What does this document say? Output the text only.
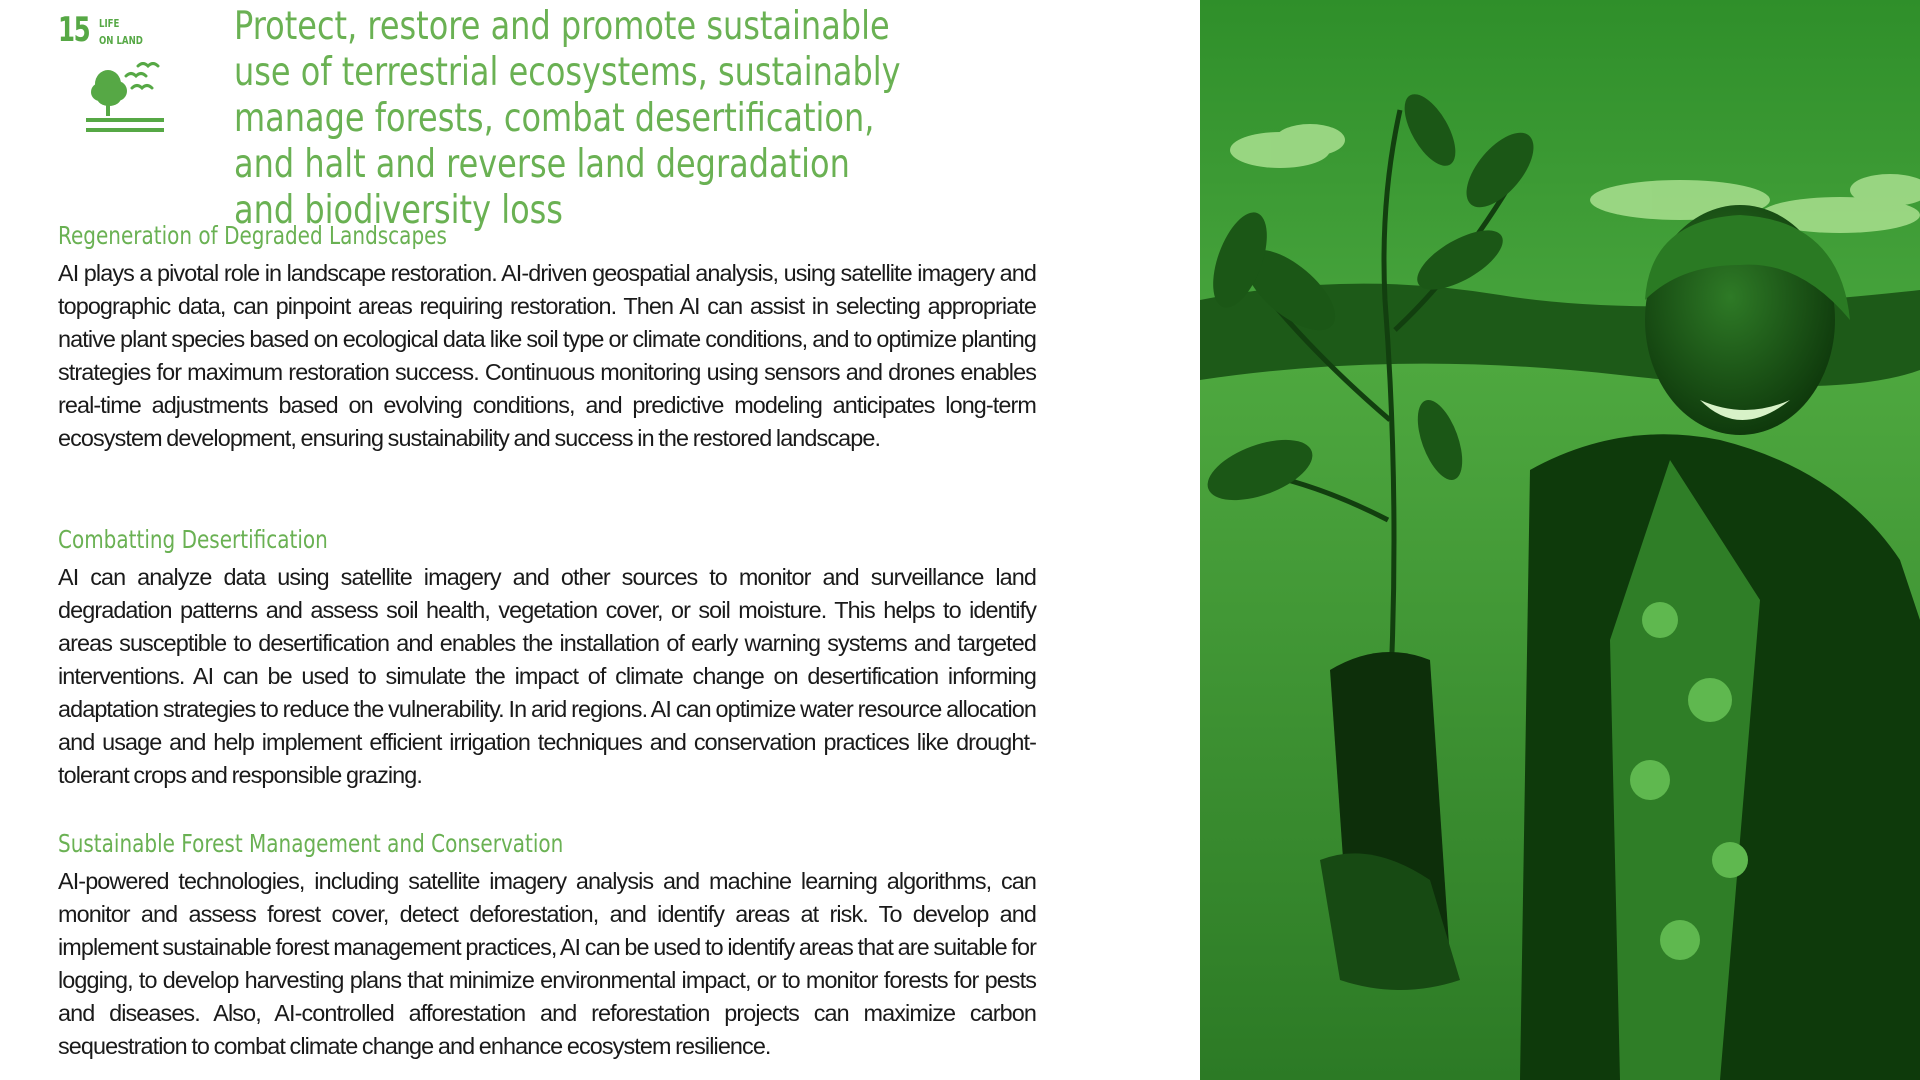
15 LIFE
ON LAND Protect, restore and promote sustainable use of terrestrial ecosystems, sustainably manage forests, combat desertification, and halt and reverse land degradation and biodiversity loss
Regeneration of Degraded Landscapes

AI plays a pivotal role in landscape restoration. AI-driven geospatial analysis, using satellite imagery and topographic data, can pinpoint areas requiring restoration. Then AI can assist in selecting appropriate native plant species based on ecological data like soil type or climate conditions, and to optimize planting strategies for maximum restoration success. Continuous monitoring using sensors and drones enables real-time adjustments based on evolving conditions, and predictive modeling anticipates long-term ecosystem development, ensuring sustainability and success in the restored landscape.

Combatting Desertification

AI can analyze data using satellite imagery and other sources to monitor and surveillance land degradation patterns and assess soil health, vegetation cover, or soil moisture. This helps to identify areas susceptible to desertification and enables the installation of early warning systems and targeted interventions. AI can be used to simulate the impact of climate change on desertification informing adaptation strategies to reduce the vulnerability. In arid regions. AI can optimize water resource allocation and usage and help implement efficient irrigation techniques and conservation practices like drought-tolerant crops and responsible grazing.

Sustainable Forest Management and Conservation

AI-powered technologies, including satellite imagery analysis and machine learning algorithms, can monitor and assess forest cover, detect deforestation, and identify areas at risk. To develop and implement sustainable forest management practices, AI can be used to identify areas that are suitable for logging, to develop harvesting plans that minimize environmental impact, or to monitor forests for pests and diseases. Also, AI-controlled afforestation and reforestation projects can maximize carbon sequestration to combat climate change and enhance ecosystem resilience.
